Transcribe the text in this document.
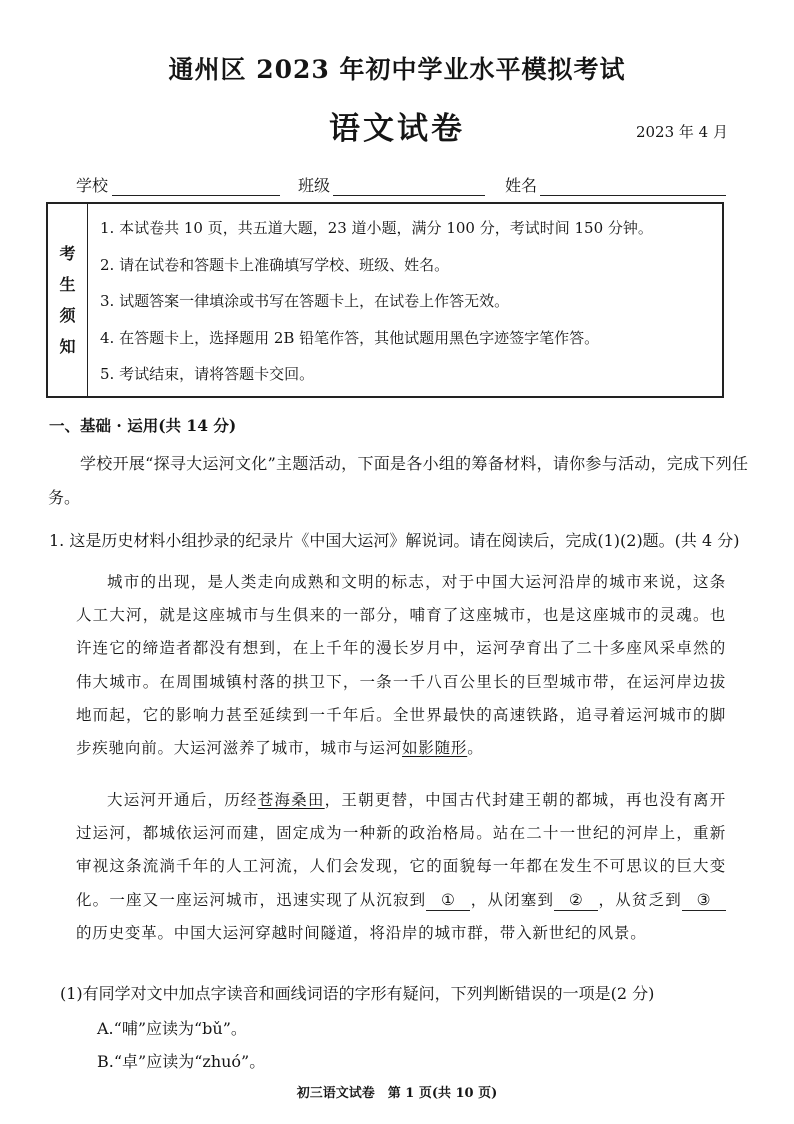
通州区 2023 年初中学业水平模拟考试
语文试卷	2023 年 4 月
学校	班级	姓名
考
生
须
知
1. 本试卷共 10 页，共五道大题，23 道小题，满分 100 分，考试时间 150 分钟。
2. 请在试卷和答题卡上准确填写学校、班级、姓名。
3. 试题答案一律填涂或书写在答题卡上，在试卷上作答无效。
4. 在答题卡上，选择题用 2B 铅笔作答，其他试题用黑色字迹签字笔作答。
5. 考试结束，请将答题卡交回。
一、基础 · 运用(共 14 分)
学校开展“探寻大运河文化”主题活动，下面是各小组的筹备材料，请你参与活动，完成下列任务。
1. 这是历史材料小组抄录的纪录片《中国大运河》解说词。请在阅读后，完成(1)(2)题。(共 4 分)
城市的出现，是人类走向成熟和文明的标志，对于中国大运河沿岸的城市来说，这条人工大河，就是这座城市与生俱来的一部分，哺育了这座城市，也是这座城市的灵魂。也许连它的缔造者都没有想到，在上千年的漫长岁月中，运河孕育出了二十多座风采卓然的伟大城市。在周围城镇村落的拱卫下，一条一千八百公里长的巨型城市带，在运河岸边拔地而起，它的影响力甚至延续到一千年后。全世界最快的高速铁路，追寻着运河城市的脚步疾驰向前。大运河滋养了城市，城市与运河如影随形。
大运河开通后，历经苍海桑田，王朝更替，中国古代封建王朝的都城，再也没有离开过运河，都城依运河而建，固定成为一种新的政治格局。站在二十一世纪的河岸上，重新审视这条流淌千年的人工河流，人们会发现，它的面貌每一年都在发生不可思议的巨大变化。一座又一座运河城市，迅速实现了从沉寂到 ① ，从闭塞到 ② ，从贫乏到 ③的历史变革。中国大运河穿越时间隧道，将沿岸的城市群，带入新世纪的风景。
(1)有同学对文中加点字读音和画线词语的字形有疑问，下列判断错误的一项是(2 分)
A.“哺”应读为“bǔ”。
B.“卓”应读为“zhuó”。
初三语文试卷　第 1 页(共 10 页)
